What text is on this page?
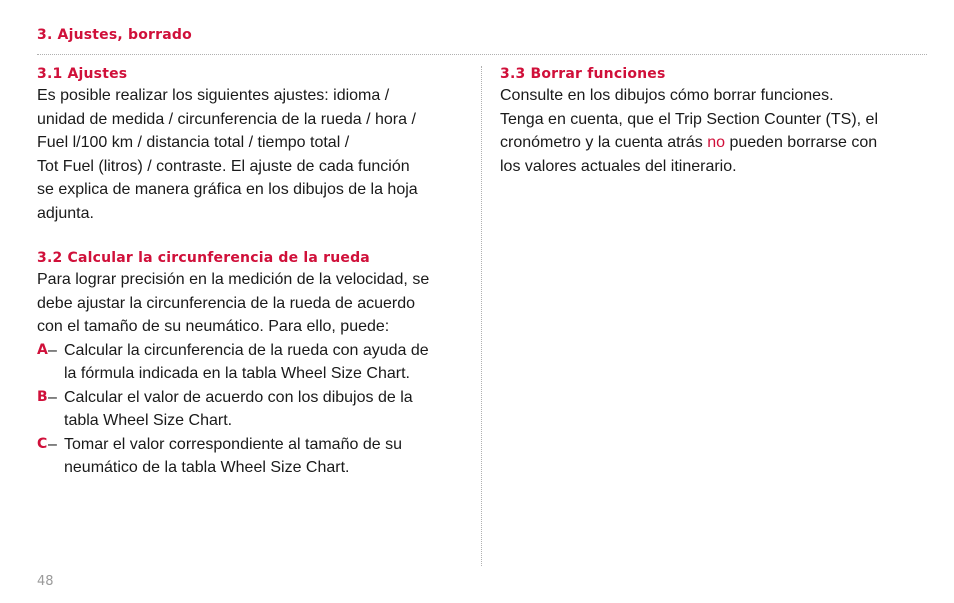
3. Ajustes, borrado
3.1 Ajustes
Es posible realizar los siguientes ajustes: idioma /
unidad de medida / circunferencia de la rueda / hora /
Fuel l/100 km / distancia total / tiempo total /
Tot Fuel (litros) / contraste. El ajuste de cada función
se explica de manera gráfica en los dibujos de la hoja
adjunta.
3.2 Calcular la circunferencia de la rueda
Para lograr precisión en la medición de la velocidad, se
debe ajustar la circunferencia de la rueda de acuerdo
con el tamaño de su neumático. Para ello, puede:
A – Calcular la circunferencia de la rueda con ayuda de
la fórmula indicada en la tabla Wheel Size Chart.
B – Calcular el valor de acuerdo con los dibujos de la
tabla Wheel Size Chart.
C – Tomar el valor correspondiente al tamaño de su
neumático de la tabla Wheel Size Chart.
3.3 Borrar funciones
Consulte en los dibujos cómo borrar funciones.
Tenga en cuenta, que el Trip Section Counter (TS), el
cronómetro y la cuenta atrás no pueden borrarse con
los valores actuales del itinerario.
48
